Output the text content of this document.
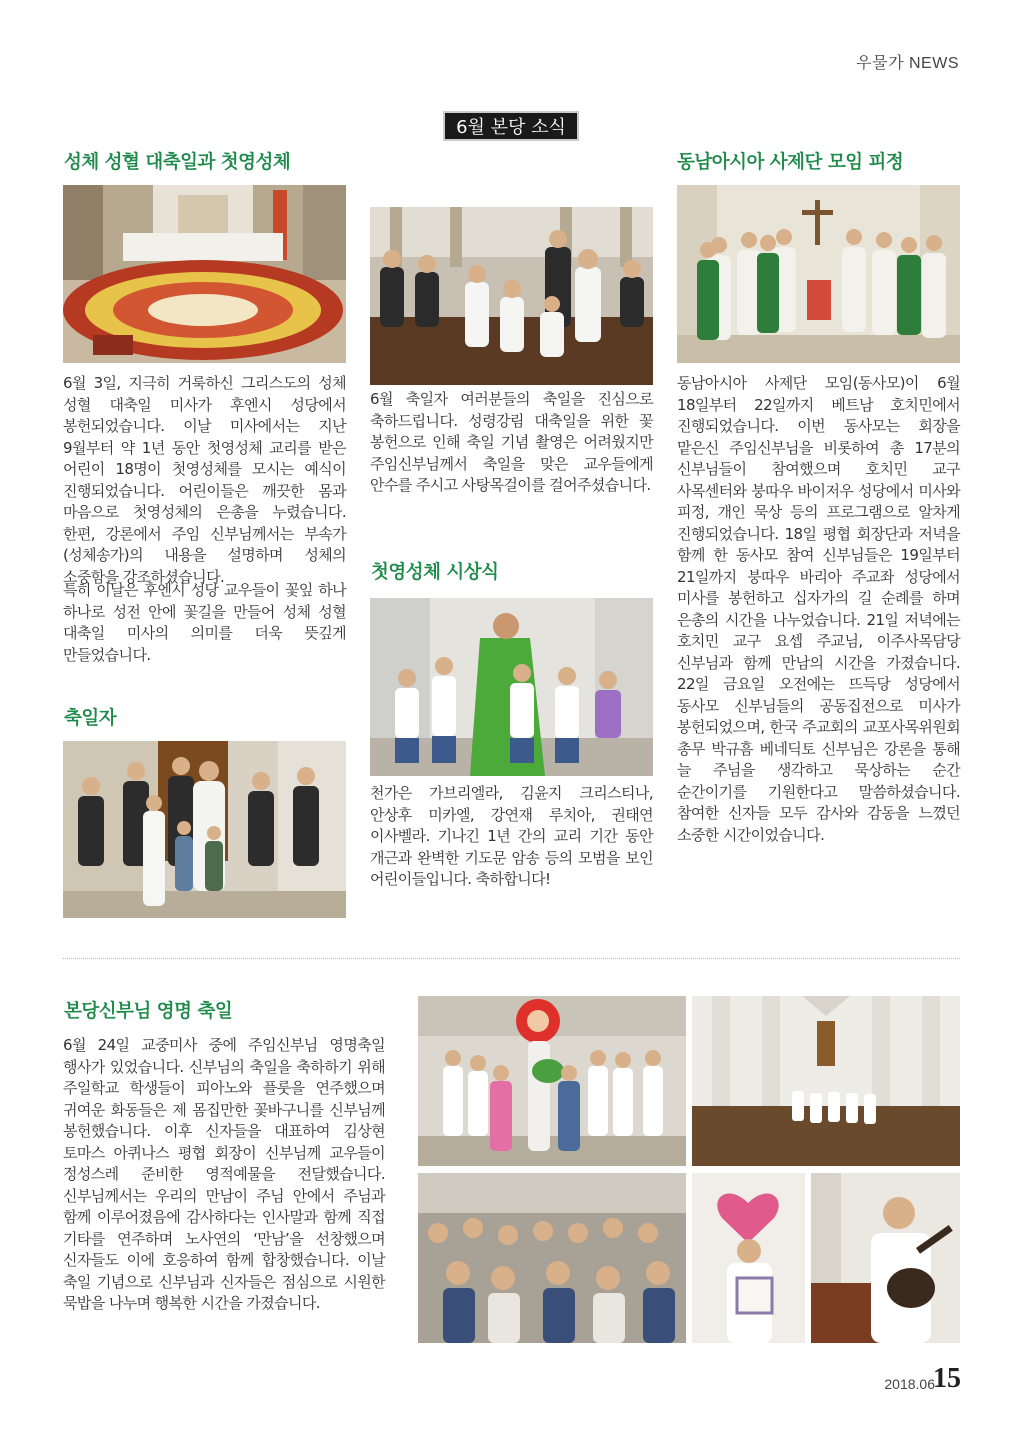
우물가 NEWS
6월 본당 소식
성체 성혈 대축일과 첫영성체
6월 3일, 지극히 거룩하신 그리스도의 성체 성혈 대축일 미사가 후엔시 성당에서 봉헌되었습니다. 이날 미사에서는 지난 9월부터 약 1년 동안 첫영성체 교리를 받은 어린이 18명이 첫영성체를 모시는 예식이 진행되었습니다. 어린이들은 깨끗한 몸과 마음으로 첫영성체의 은총을 누렸습니다. 한편, 강론에서 주임 신부님께서는 부속가(성체송가)의 내용을 설명하며 성체의 소중함을 강조하셨습니다.
특히 이날은 후엔시 성당 교우들이 꽃잎 하나 하나로 성전 안에 꽃길을 만들어 성체 성혈 대축일 미사의 의미를 더욱 뜻깊게 만들었습니다.
축일자
6월 축일자 여러분들의 축일을 진심으로 축하드립니다. 성령강림 대축일을 위한 꽃 봉헌으로 인해 축일 기념 촬영은 어려웠지만 주임신부님께서 축일을 맞은 교우들에게 안수를 주시고 사탕목걸이를 걸어주셨습니다.
첫영성체 시상식
천가은 가브리엘라, 김윤지 크리스티나, 안상후 미카엘, 강연재 루치아, 권태연 이사벨라. 기나긴 1년 간의 교리 기간 동안 개근과 완벽한 기도문 암송 등의 모범을 보인 어린이들입니다. 축하합니다!
동남아시아 사제단 모임 피정
동남아시아 사제단 모임(동사모)이 6월 18일부터 22일까지 베트남 호치민에서 진행되었습니다. 이번 동사모는 회장을 맡은신 주임신부님을 비롯하여 총 17분의 신부님들이 참여했으며 호치민 교구 사목센터와 붕따우 바이저우 성당에서 미사와 피정, 개인 묵상 등의 프로그램으로 알차게 진행되었습니다. 18일 평협 회장단과 저녁을 함께 한 동사모 참여 신부님들은 19일부터 21일까지 붕따우 바리아 주교좌 성당에서 미사를 봉헌하고 십자가의 길 순례를 하며 은총의 시간을 나누었습니다. 21일 저녁에는 호치민 교구 요셉 주교님, 이주사목담당 신부님과 함께 만남의 시간을 가졌습니다. 22일 금요일 오전에는 뜨득당 성당에서 동사모 신부님들의 공동집전으로 미사가 봉헌되었으며, 한국 주교회의 교포사목위원회 총무 박규흠 베네딕토 신부님은 강론을 통해 늘 주님을 생각하고 묵상하는 순간 순간이기를 기원한다고 말씀하셨습니다. 참여한 신자들 모두 감사와 감동을 느꼈던 소중한 시간이었습니다.
본당신부님 영명 축일
6월 24일 교중미사 중에 주임신부님 영명축일 행사가 있었습니다. 신부님의 축일을 축하하기 위해 주일학교 학생들이 피아노와 플룻을 연주했으며 귀여운 화동들은 제 몸집만한 꽃바구니를 신부님께 봉헌했습니다. 이후 신자들을 대표하여 김상현 토마스 아퀴나스 평협 회장이 신부님께 교우들이 정성스레 준비한 영적예물을 전달했습니다. 신부님께서는 우리의 만남이 주님 안에서 주님과 함께 이루어졌음에 감사하다는 인사말과 함께 직접 기타를 연주하며 노사연의 ‘만남’을 선창했으며 신자들도 이에 호응하여 함께 합창했습니다. 이날 축일 기념으로 신부님과 신자들은 점심으로 시원한 묵밥을 나누며 행복한 시간을 가졌습니다.
2018.06
15
